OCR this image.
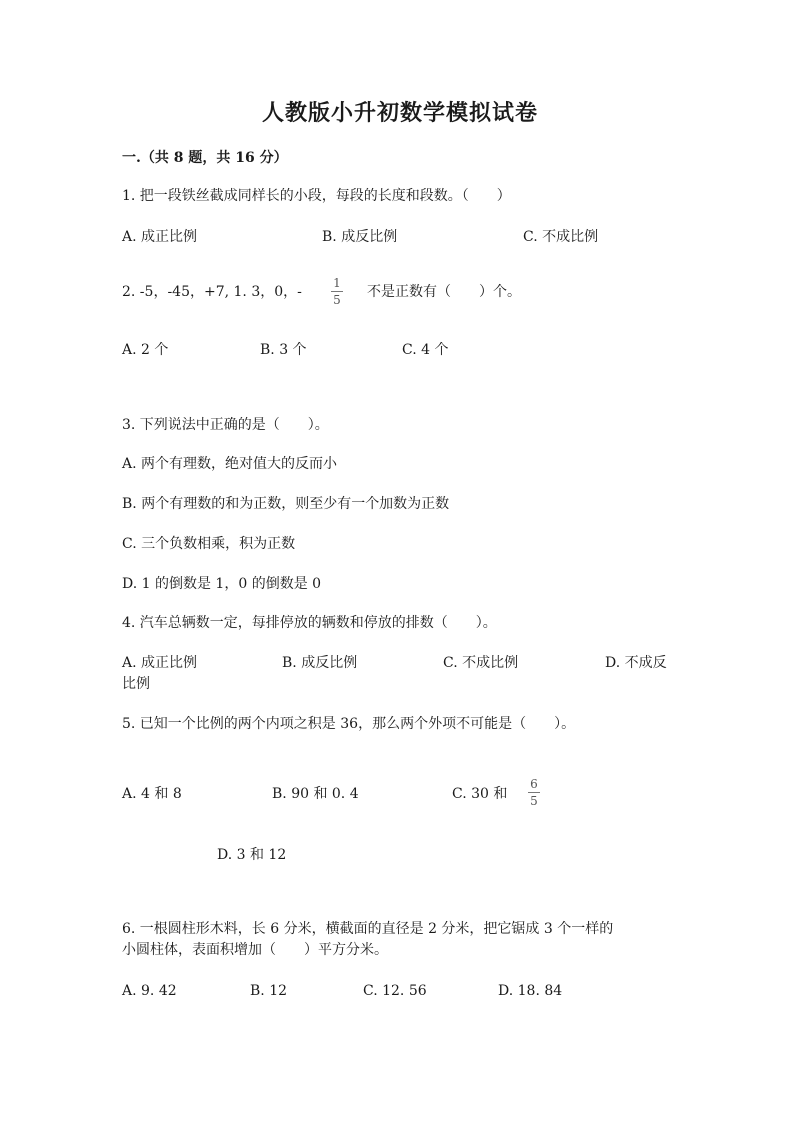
人教版小升初数学模拟试卷
一.（共 8 题，共 16 分）
1. 把一段铁丝截成同样长的小段，每段的长度和段数。（　　）
A. 成正比例	B. 成反比例	C. 不成比例
2. -5，-45，+7, 1. 3，0，-
1
5 不是正数有（　　）个。
A. 2 个	B. 3 个	C. 4 个
3. 下列说法中正确的是（　　）。
A. 两个有理数，绝对值大的反而小
B. 两个有理数的和为正数，则至少有一个加数为正数
C. 三个负数相乘，积为正数
D. 1 的倒数是 1，0 的倒数是 0
4. 汽车总辆数一定，每排停放的辆数和停放的排数（　　）。
A. 成正比例	B. 成反比例	C. 不成比例	D. 不成反
比例
5. 已知一个比例的两个内项之积是 36，那么两个外项不可能是（　　）。
A. 4 和 8	B. 90 和 0. 4	C. 30 和
6
5
D. 3 和 12
6. 一根圆柱形木料，长 6 分米，横截面的直径是 2 分米，把它锯成 3 个一样的
小圆柱体，表面积增加（　　）平方分米。
A. 9. 42	B. 12	C. 12. 56	D. 18. 84
